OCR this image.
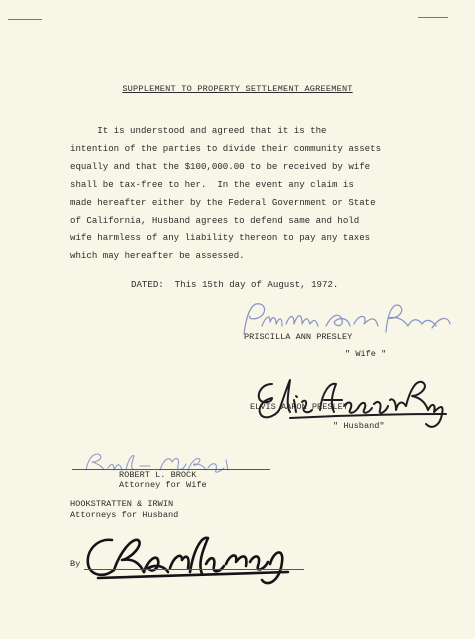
SUPPLEMENT TO PROPERTY SETTLEMENT AGREEMENT
It is understood and agreed that it is the
intention of the parties to divide their community assets
equally and that the $100,000.00 to be received by wife
shall be tax-free to her.  In the event any claim is
made hereafter either by the Federal Government or State
of California, Husband agrees to defend same and hold
wife harmless of any liability thereon to pay any taxes
which may hereafter be assessed.
DATED:  This 15th day of August, 1972.
PRISCILLA ANN PRESLEY
" Wife "
ELVIS AARON PRESLEY
" Husband"
ROBERT L. BROCK
Attorney for Wife
HOOKSTRATTEN & IRWIN
Attorneys for Husband
By
